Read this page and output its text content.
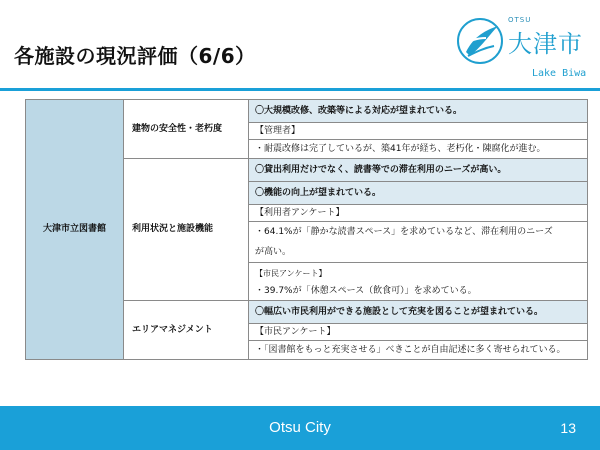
各施設の現況評価（6/6）
OTSU
大津市
Lake Biwa
大津市立図書館	建物の安全性・老朽度	〇大規模改修、改築等による対応が望まれている。
		【管理者】
		・耐震改修は完了しているが、築41年が経ち、老朽化・陳腐化が進む。
	利用状況と施設機能	〇貸出利用だけでなく、読書等での滞在利用のニーズが高い。
		〇機能の向上が望まれている。
		【利用者アンケート】
		・64.1%が「静かな読書スペース」を求めているなど、滞在利用のニーズ
が高い。
		【市民アンケート】
・39.7%が「休憩スペース（飲食可）」を求めている。
	エリアマネジメント	〇幅広い市民利用ができる施設として充実を図ることが望まれている。
		【市民アンケート】
		・「図書館をもっと充実させる」べきことが自由記述に多く寄せられている。
Otsu City	13
